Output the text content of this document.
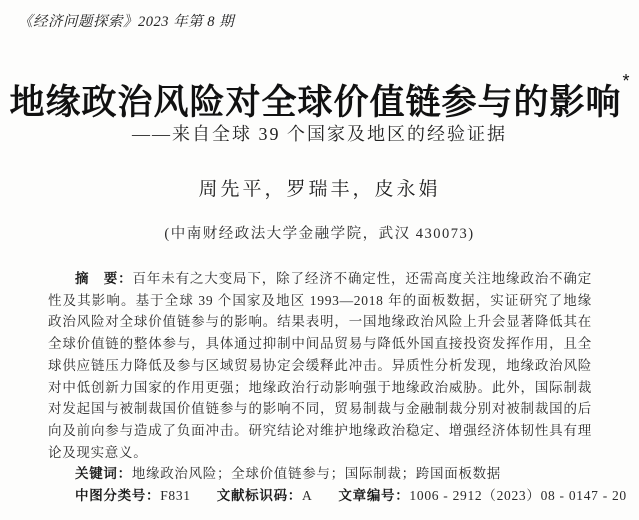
《经济问题探索》2023 年第 8 期
地缘政治风险对全球价值链参与的影响*
——来自全球 39 个国家及地区的经验证据
周先平，罗瑞丰，皮永娟
(中南财经政法大学金融学院，武汉 430073)

摘　要：百年未有之大变局下，除了经济不确定性，还需高度关注地缘政治不确定性及其影响。基于全球 39 个国家及地区 1993—2018 年的面板数据，实证研究了地缘政治风险对全球价值链参与的影响。结果表明，一国地缘政治风险上升会显著降低其在全球价值链的整体参与，具体通过抑制中间品贸易与降低外国直接投资发挥作用，且全球供应链压力降低及参与区域贸易协定会缓释此冲击。异质性分析发现，地缘政治风险对中低创新力国家的作用更强；地缘政治行动影响强于地缘政治威胁。此外，国际制裁对发起国与被制裁国价值链参与的影响不同，贸易制裁与金融制裁分别对被制裁国的后向及前向参与造成了负面冲击。研究结论对维护地缘政治稳定、增强经济体韧性具有理论及现实意义。

关键词：地缘政治风险；全球价值链参与；国际制裁；跨国面板数据

中图分类号：F831 文献标识码：A 文章编号：1006 - 2912（2023）08 - 0147 - 20
